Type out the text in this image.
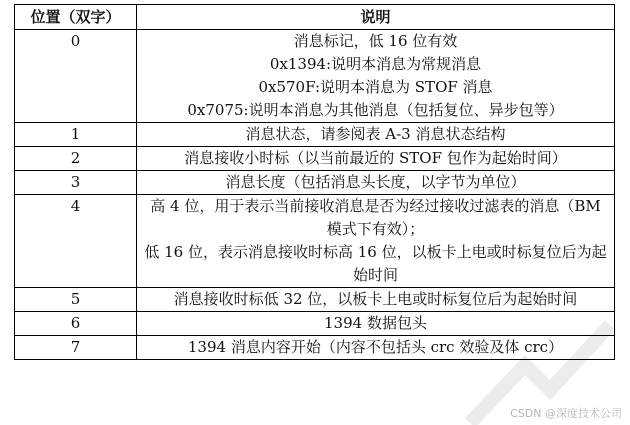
位置（双字）	说明
0	消息标记，低 16 位有效
0x1394:说明本消息为常规消息
0x570F:说明本消息为 STOF 消息
0x7075:说明本消息为其他消息（包括复位、异步包等）

1	消息状态，请参阅表 A-3 消息状态结构

2	消息接收小时标（以当前最近的 STOF 包作为起始时间）

3	消息长度（包括消息头长度，以字节为单位）

4	高 4 位，用于表示当前接收消息是否为经过接收过滤表的消息（BM 模式下有效）；
低 16 位，表示消息接收时标高 16 位，以板卡上电或时标复位后为起始时间

5	消息接收时标低 32 位，以板卡上电或时标复位后为起始时间

6	1394 数据包头

7	1394 消息内容开始（内容不包括头 crc 效验及体 crc）
CSDN @深度技术公司
